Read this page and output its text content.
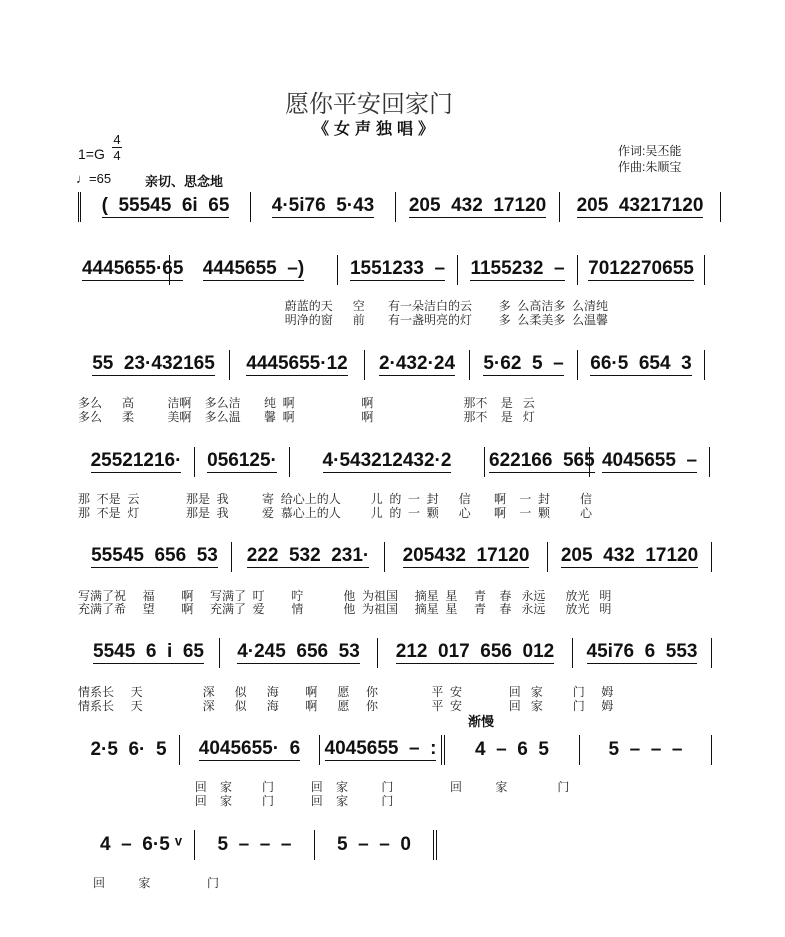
愿你平安回家门
《女声独唱》
1=G
4
4	作词:吴丕能
作曲:朱顺宝
♩=65	亲切、思念地
(  55545  6i  65 4·5i76  5·43 205  432  17120 205  43217120
4445655·65 4445655  –) 1551233  – 1155232  – 7012270655
蔚蓝的天      空       有一朵洁白的云        多  么高洁多  么清纯
明净的窗      前       有一盏明亮的灯        多  么柔美多  么温馨
55  23·432165 4445655·12 2·432·24 5·62  5  – 66·5  654  3
多么      高          洁啊    多么洁       纯  啊                    啊                           那不    是   云
多么      柔          美啊    多么温       馨  啊                    啊                           那不    是   灯
25521216· 056125· 4·543212432·2 622166  565 4045655  –
那  不是  云              那是  我          寄  给心上的人         儿  的  一  封      信       啊    一  封         信
那  不是  灯              那是  我          爱  慕心上的人         儿  的  一  颗      心       啊    一  颗         心
55545  656  53 222  532  231· 205432  17120 205  432  17120
写满了祝     福        啊     写满了  叮        咛            他  为祖国     摘星  星     青    春   永远      放光   明
充满了希     望        啊     充满了  爱        情            他  为祖国     摘星  星     青    春   永远      放光   明
5545  6  i  65 4·245  656  53 212  017  656  012 45i76  6  553
情系长     天                  深      似      海        啊      愿     你                平  安              回   家         门     姆
情系长     天                  深      似      海        啊      愿     你                平  安              回   家         门     姆
渐慢
2·5  6·  5 4045655·  6 4045655  –  : 4  –  6  5	5  –  –  –
回    家         门           回    家          门                 回          家               门
回    家         门           回    家          门
4  –  6·5 ᵛ 5  –  –  – 5  –  –  0
回          家                 门
